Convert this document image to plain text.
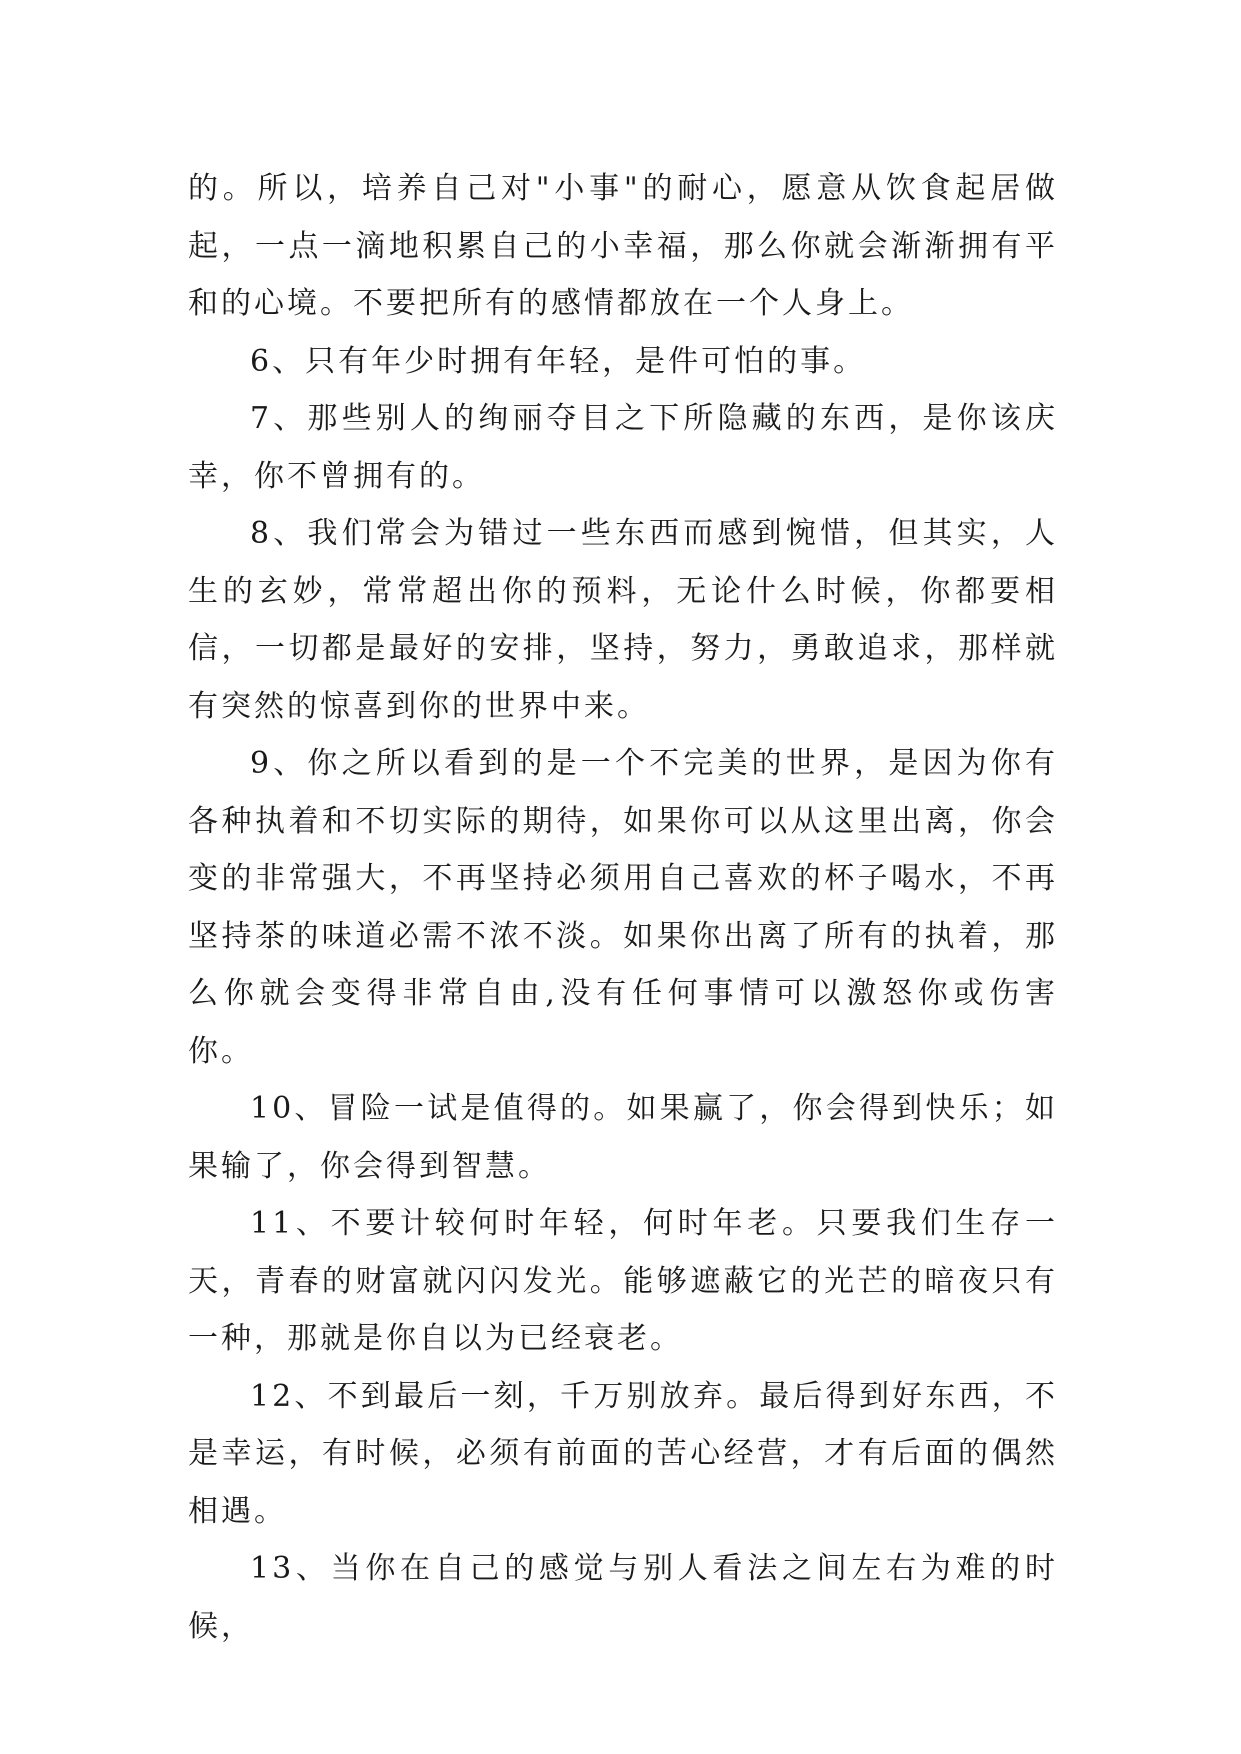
的。所以，培养自己对"小事"的耐心，愿意从饮食起居做起，一点一滴地积累自己的小幸福，那么你就会渐渐拥有平和的心境。不要把所有的感情都放在一个人身上。

6、只有年少时拥有年轻，是件可怕的事。

7、那些别人的绚丽夺目之下所隐藏的东西，是你该庆幸，你不曾拥有的。

8、我们常会为错过一些东西而感到惋惜，但其实，人生的玄妙，常常超出你的预料，无论什么时候，你都要相信，一切都是最好的安排，坚持，努力，勇敢追求，那样就有突然的惊喜到你的世界中来。

9、你之所以看到的是一个不完美的世界，是因为你有各种执着和不切实际的期待，如果你可以从这里出离，你会变的非常强大，不再坚持必须用自己喜欢的杯子喝水，不再坚持茶的味道必需不浓不淡。如果你出离了所有的执着，那么你就会变得非常自由,没有任何事情可以激怒你或伤害你。

10、冒险一试是值得的。如果赢了，你会得到快乐；如果输了，你会得到智慧。

11、不要计较何时年轻，何时年老。只要我们生存一天，青春的财富就闪闪发光。能够遮蔽它的光芒的暗夜只有一种，那就是你自以为已经衰老。

12、不到最后一刻，千万别放弃。最后得到好东西，不是幸运，有时候，必须有前面的苦心经营，才有后面的偶然相遇。

13、当你在自己的感觉与别人看法之间左右为难的时候，
